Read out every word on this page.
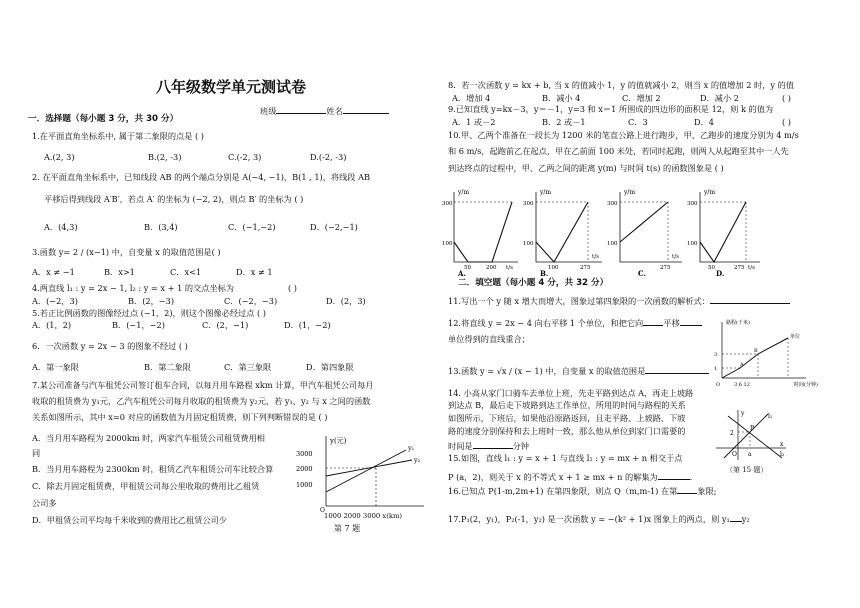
八年级数学单元测试卷
班级	姓名
一．选择题（每小题 3 分，共 30 分）
1.在平面直角坐标系中, 属于第二象限的点是 ( )
A.(2, 3)	B.(2, -3)	C.(-2, 3)	D.(-2, -3)
2. 在平面直角坐标系中，已知线段 AB 的两个端点分别是 A(−4, −1)，B(1 , 1)，将线段 AB
平移后得到线段 A′B′，若点 A′ 的坐标为 (−2, 2)，则点 B′ 的坐标为 ( )
A．(4,3)	B．(3,4)	C．(−1,−2)	D．(−2,−1)
3.函数 y= 2 / (x−1) 中，自变量 x 的取值范围是( )
A．x ≠ −1	B．x>1	C．x<1	D．x ≠ 1
4.两直线 l₁ : y = 2x − 1, l₂ : y = x + 1 的交点坐标为	( )
A．(−2，3)	B．(2，−3)	C．(−2，−3)	D．(2，3)
5.若正比例函数的图像经过点 (−1，2)，则这个图像必经过点 ( )
A．(1，2)	B．(−1，−2)	C．(2，−1)	D．(1，−2)
6．一次函数 y = 2x − 3 的图象不经过 ( )
A．第一象限	B．第二象限	C．第三象限	D．第四象限
7.某公司准备与汽车租凭公司签订租车合同，以每月用车路程 xkm 计算，甲汽车租凭公司每月
收取的租赁费为 y₁元，乙汽车租凭公司每月收取的租赁费为 y₂元，若 y₁、y₂ 与 x 之间的函数
关系如图所示，其中 x=0 对应的函数值为月固定租赁费，则下列判断错误的是 ( )
A．当月用车路程为 2000km 时，两家汽车租赁公司租赁费用相
同
B．当月用车路程为 2300km 时，租赁乙汽车租赁公司车比较合算
C．除去月固定租赁费，甲租赁公司每公里收取的费用比乙租赁
公司多
D．甲租赁公司平均每千米收到的费用比乙租赁公司少
y(元)
3000
2000
1000
y₁
y₂
O
1000 2000 3000 x(km)
第 7 题
8．若一次函数 y = kx + b, 当 x 的值减小 1，y 的值就减小 2，则当 x 的值增加 2 时，y 的值
A．增加 4	B．减小 4	C．增加 2	D．减小 2	( )
9.已知直线 y=kx－3，y＝－1，y=3 和 x＝1 所围成的四边形的面积是 12，则 k 的值为
A．1 或－2	B．2 或－1	C．3	D．4	( )
10.甲、乙两个准备在一段长为 1200 米的笔直公路上进行跑步，甲、乙跑步的速度分别为 4 m/s
和 6 m/s，起跑前乙在起点，甲在乙前面 100 米处，若同时起跑，则两人从起跑至其中一人先
到达终点的过程中，甲、乙两之间的距离 y(m) 与时间 t(s) 的函数图象是 ( )
y/m
300
100
50	200 t/s
A.
y/m
300
100
100	275
t/s
B.
y/m
300
100
275
t/s
C.
y/m
300
100
50	275 t/s
D.
二．填空题（每小题 4 分，共 32 分）
11.写出一个 y 随 x 增大而增大，图象过第四象限的一次函数的解析式：
12.将直线 y = 2x − 4 向右平移 1 个单位，和把它向 平移
单位得到的直线重合；
13.函数 y = √x / (x − 1) 中，自变量 x 的取值范围是
14. 小高从家门口骑车去单位上班，先走平路到达点 A，再走上坡路
到达点 B，最后走下坡路到达工作单位，所用的时间与路程的关系
如图所示，下班后，如果他沿原路返回，且走平路、上坡路、下坡
路的速度分别保持和去上班时一致，那么他从单位到家门口需要的
时间是	分钟
路程(千米)
单位
1
3
O	3 6 12	时间(分钟)
A
B
y	l₁
l₂
P
2
O a
x
（第 15 题）
15.如图，直线 l₁ : y = x + 1 与直线 l₂ : y = mx + n 相交于点
P (a，2)，则关于 x 的不等式 x + 1 ≥ mx + n 的解集为	.
16.已知点 P(1-m,2m+1) 在第四象限，则点 Q（m,m-1) 在第 象限;
17.P₁(2，y₁)，P₂(-1，y₂) 是一次函数 y = −(k² + 1)x 图象上的两点，则 y₁ y₂
